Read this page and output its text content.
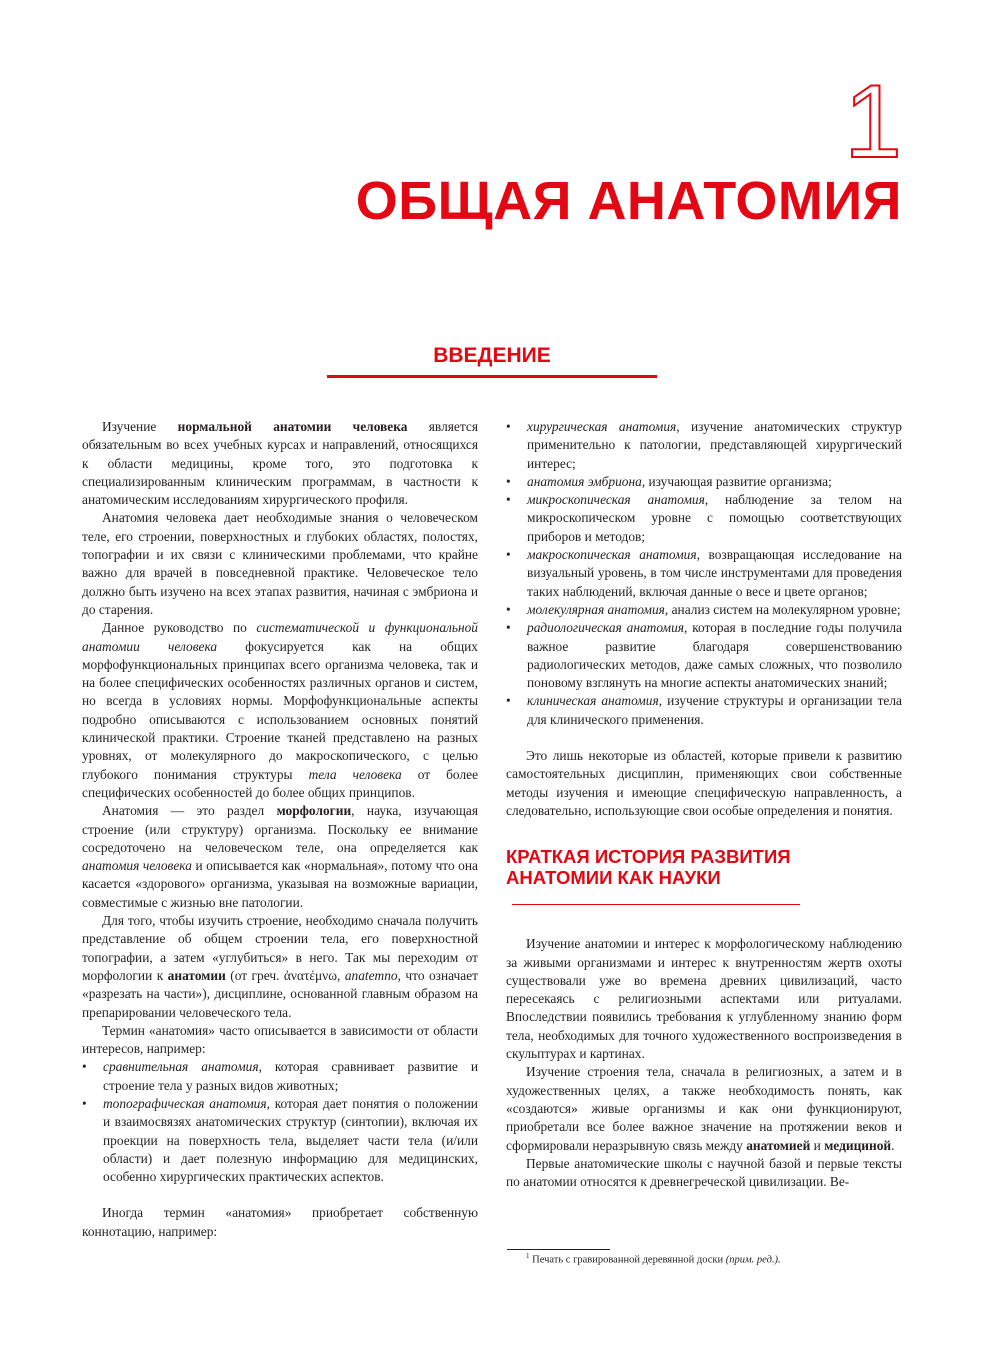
1
ОБЩАЯ АНАТОМИЯ
ВВЕДЕНИЕ

Изучение нормальной анатомии человека является обязательным во всех учебных курсах и направлений, относящихся к области медицины, кроме того, это подготовка к специализированным клиническим программам, в частности к анатомическим исследованиям хирургического профиля.

Анатомия человека дает необходимые знания о человеческом теле, его строении, поверхностных и глубоких областях, полостях, топографии и их связи с клиническими проблемами, что крайне важно для врачей в повседневной практике. Человеческое тело должно быть изучено на всех этапах развития, начиная с эмбриона и до старения.

Данное руководство по систематической и функциональной анатомии человека фокусируется как на общих морфофункциональных принципах всего организма человека, так и на более специфических особенностях различных органов и систем, но всегда в условиях нормы. Морфофункциональные аспекты подробно описываются с использованием основных понятий клинической практики. Строение тканей представлено на разных уровнях, от молекулярного до макроскопического, с целью глубокого понимания структуры тела человека от более специфических особенностей до более общих принципов.

Анатомия — это раздел морфологии, наука, изучающая строение (или структуру) организма. Поскольку ее внимание сосредоточено на человеческом теле, она определяется как анатомия человека и описывается как «нормальная», потому что она касается «здорового» организма, указывая на возможные вариации, совместимые с жизнью вне патологии.

Для того, чтобы изучить строение, необходимо сначала получить представление об общем строении тела, его поверхностной топографии, а затем «углубиться» в него. Так мы переходим от морфологии к анатомии (от греч. ἀνατέμνω, anatemno, что означает «разрезать на части»), дисциплине, основанной главным образом на препарировании человеческого тела.

Термин «анатомия» часто описывается в зависимости от области интересов, например:

• сравнительная анатомия, которая сравнивает развитие и строение тела у разных видов животных;
• топографическая анатомия, которая дает понятия о положении и взаимосвязях анатомических структур (синтопии), включая их проекции на поверхность тела, выделяет части тела (и/или области) и дает полезную информацию для медицинских, особенно хирургических практических аспектов.

Иногда термин «анатомия» приобретает собственную коннотацию, например:

• хирургическая анатомия, изучение анатомических структур применительно к патологии, представляющей хирургический интерес;
• анатомия эмбриона, изучающая развитие организма;
• микроскопическая анатомия, наблюдение за телом на микроскопическом уровне с помощью соответствующих приборов и методов;
• макроскопическая анатомия, возвращающая исследование на визуальный уровень, в том числе инструментами для проведения таких наблюдений, включая данные о весе и цвете органов;
• молекулярная анатомия, анализ систем на молекулярном уровне;
• радиологическая анатомия, которая в последние годы получила важное развитие благодаря совершенствованию радиологических методов, даже самых сложных, что позволило поновому взглянуть на многие аспекты анатомических знаний;
• клиническая анатомия, изучение структуры и организации тела для клинического применения.

Это лишь некоторые из областей, которые привели к развитию самостоятельных дисциплин, применяющих свои собственные методы изучения и имеющие специфическую направленность, а следовательно, использующие свои особые определения и понятия.

КРАТКАЯ ИСТОРИЯ РАЗВИТИЯ АНАТОМИИ КАК НАУКИ

Изучение анатомии и интерес к морфологическому наблюдению за живыми организмами и интерес к внутренностям жертв охоты существовали уже во времена древних цивилизаций, часто пересекаясь с религиозными аспектами или ритуалами. Впоследствии появились требования к углубленному знанию форм тела, необходимых для точного художественного воспроизведения в скульптурах и картинах.

Изучение строения тела, сначала в религиозных, а затем и в художественных целях, а также необходимость понять, как «создаются» живые организмы и как они функционируют, приобретали все более важное значение на протяжении веков и сформировали неразрывную связь между анатомией и медициной.

Первые анатомические школы с научной базой и первые тексты по анатомии относятся к древнегреческой цивилизации. Ве-

$^1$ Печать с гравированной деревянной доски (прим. ред.).
